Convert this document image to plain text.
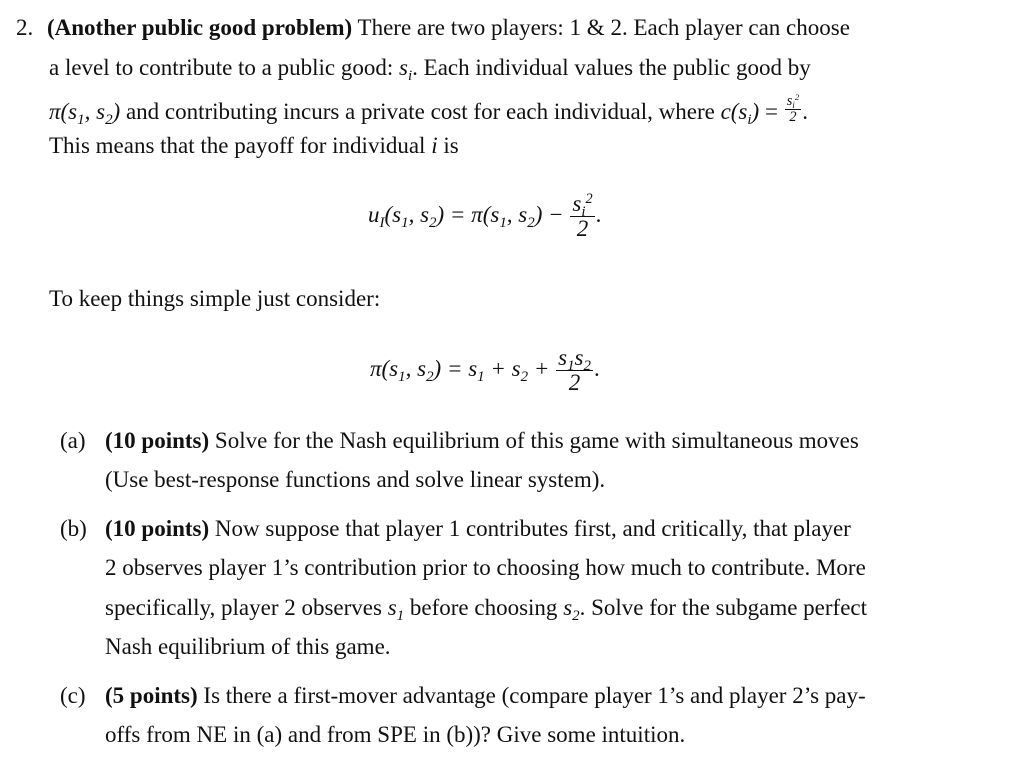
2. (Another public good problem) There are two players: 1 & 2. Each player can choose
a level to contribute to a public good: $s_i$. Each individual values the public good by
$\pi(s_1$, $s_2$) and contributing incurs a private cost for each individual, where $c(s_i) = \frac{s_i^2}{2}$ .
This means that the payoff for individual i is
$u_I(s_1$, $s_2) = \pi(s_1$, $s_2) - \frac{s_i^2}{2}$ .
To keep things simple just consider:
$\pi(s_1$, $s_2) = s_1 + s_2 + \frac{s_1s_2}{2}$ .
(a) (10 points) Solve for the Nash equilibrium of this game with simultaneous moves
(Use best-response functions and solve linear system).
(b) (10 points) Now suppose that player 1 contributes first, and critically, that player
2 observes player 1’s contribution prior to choosing how much to contribute. More
specifically, player 2 observes $s_1$ before choosing $s_2$. Solve for the subgame perfect
Nash equilibrium of this game.
(c) (5 points) Is there a first-mover advantage (compare player 1’s and player 2’s pay-
offs from NE in (a) and from SPE in (b))? Give some intuition.
